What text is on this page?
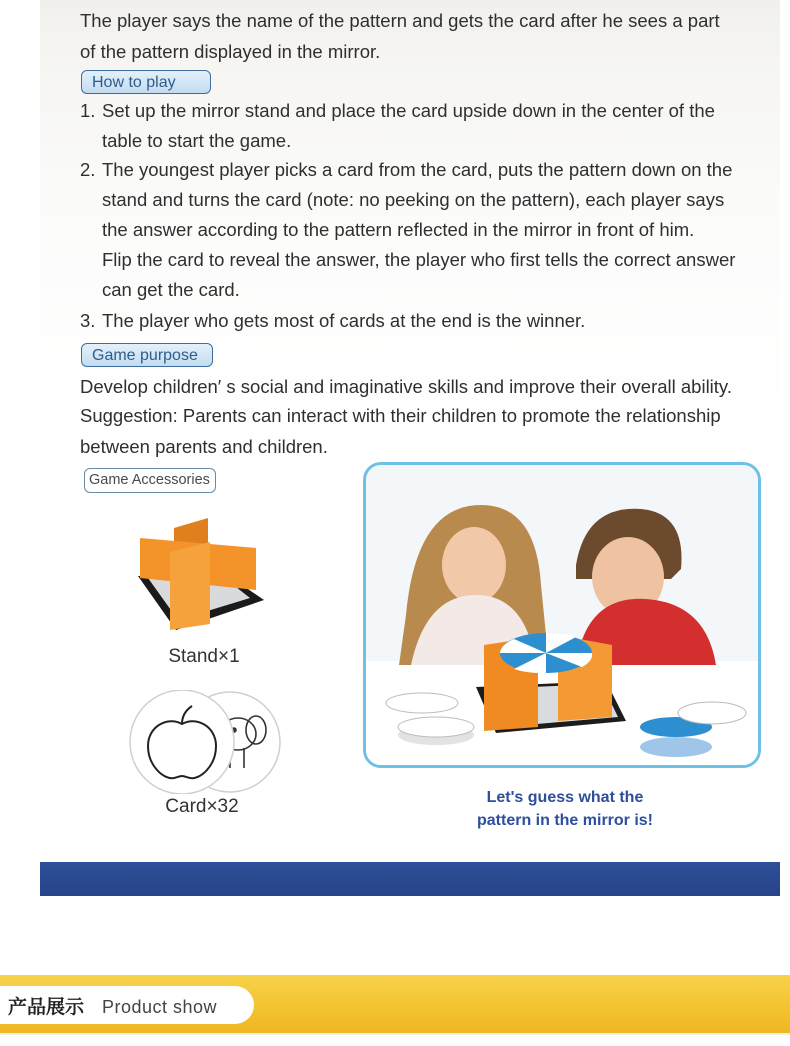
The player says the name of the pattern and gets the card after he sees a part
of the pattern displayed in the mirror.
How to play
1. Set up the mirror stand and place the card upside down in the center of the
table to start the game.
2. The youngest player picks a card from the card, puts the pattern down on the
stand and turns the card (note: no peeking on the pattern), each player says
the answer according to the pattern reflected in the mirror in front of him.
Flip the card to reveal the answer, the player who first tells the correct answer
can get the card.
3. The player who gets most of cards at the end is the winner.
Game purpose
Develop children′ s social and imaginative skills and improve their overall ability.
Suggestion: Parents can interact with their children to promote the relationship
between parents and children.
Game Accessories
Stand×1
Card×32	Let's guess what the
pattern in the mirror is!
产品展示 Product show
